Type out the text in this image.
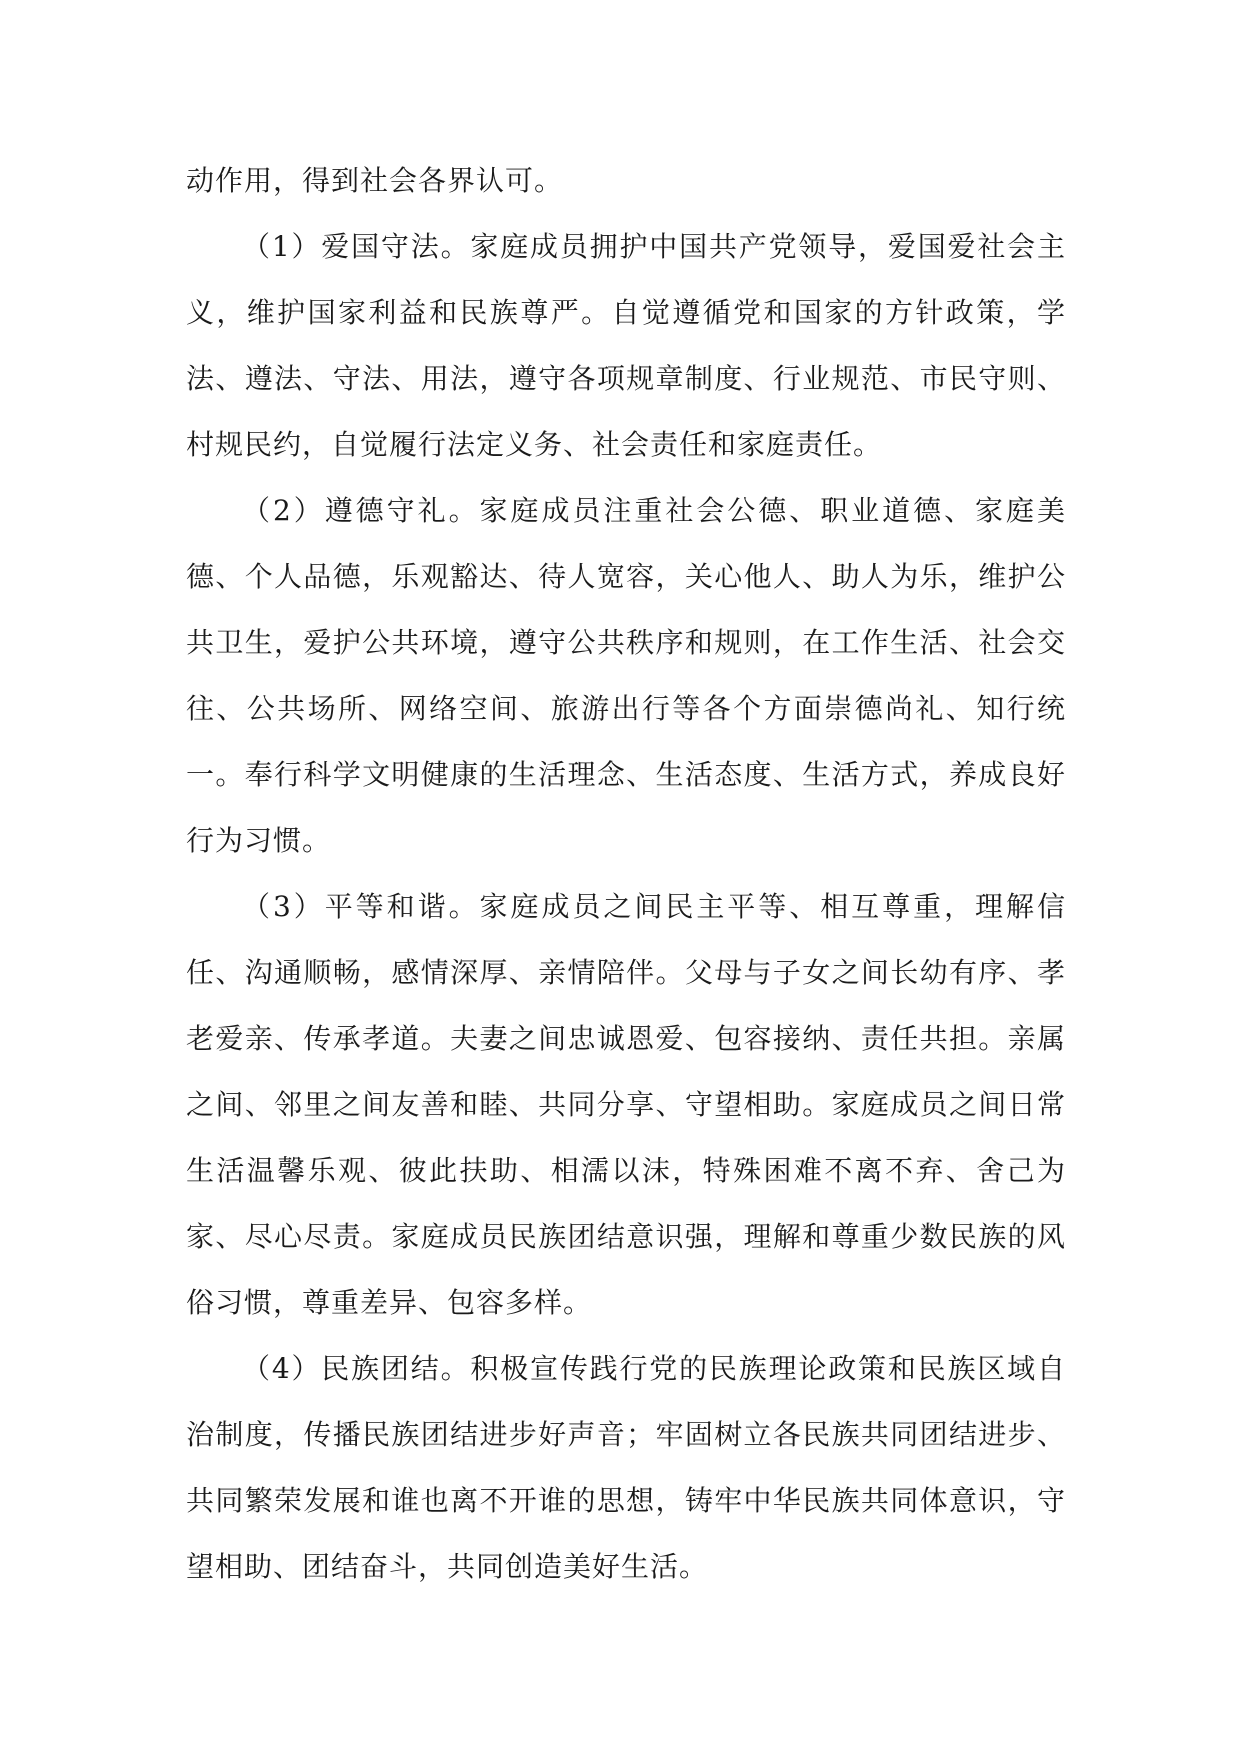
动作用，得到社会各界认可。

（1）爱国守法。家庭成员拥护中国共产党领导，爱国爱社会主义，维护国家利益和民族尊严。自觉遵循党和国家的方针政策，学法、遵法、守法、用法，遵守各项规章制度、行业规范、市民守则、村规民约，自觉履行法定义务、社会责任和家庭责任。

（2）遵德守礼。家庭成员注重社会公德、职业道德、家庭美德、个人品德，乐观豁达、待人宽容，关心他人、助人为乐，维护公共卫生，爱护公共环境，遵守公共秩序和规则，在工作生活、社会交往、公共场所、网络空间、旅游出行等各个方面崇德尚礼、知行统一。奉行科学文明健康的生活理念、生活态度、生活方式，养成良好行为习惯。

（3）平等和谐。家庭成员之间民主平等、相互尊重，理解信任、沟通顺畅，感情深厚、亲情陪伴。父母与子女之间长幼有序、孝老爱亲、传承孝道。夫妻之间忠诚恩爱、包容接纳、责任共担。亲属之间、邻里之间友善和睦、共同分享、守望相助。家庭成员之间日常生活温馨乐观、彼此扶助、相濡以沫，特殊困难不离不弃、舍己为家、尽心尽责。家庭成员民族团结意识强，理解和尊重少数民族的风俗习惯，尊重差异、包容多样。

（4）民族团结。积极宣传践行党的民族理论政策和民族区域自治制度，传播民族团结进步好声音；牢固树立各民族共同团结进步、共同繁荣发展和谁也离不开谁的思想，铸牢中华民族共同体意识，守望相助、团结奋斗，共同创造美好生活。
